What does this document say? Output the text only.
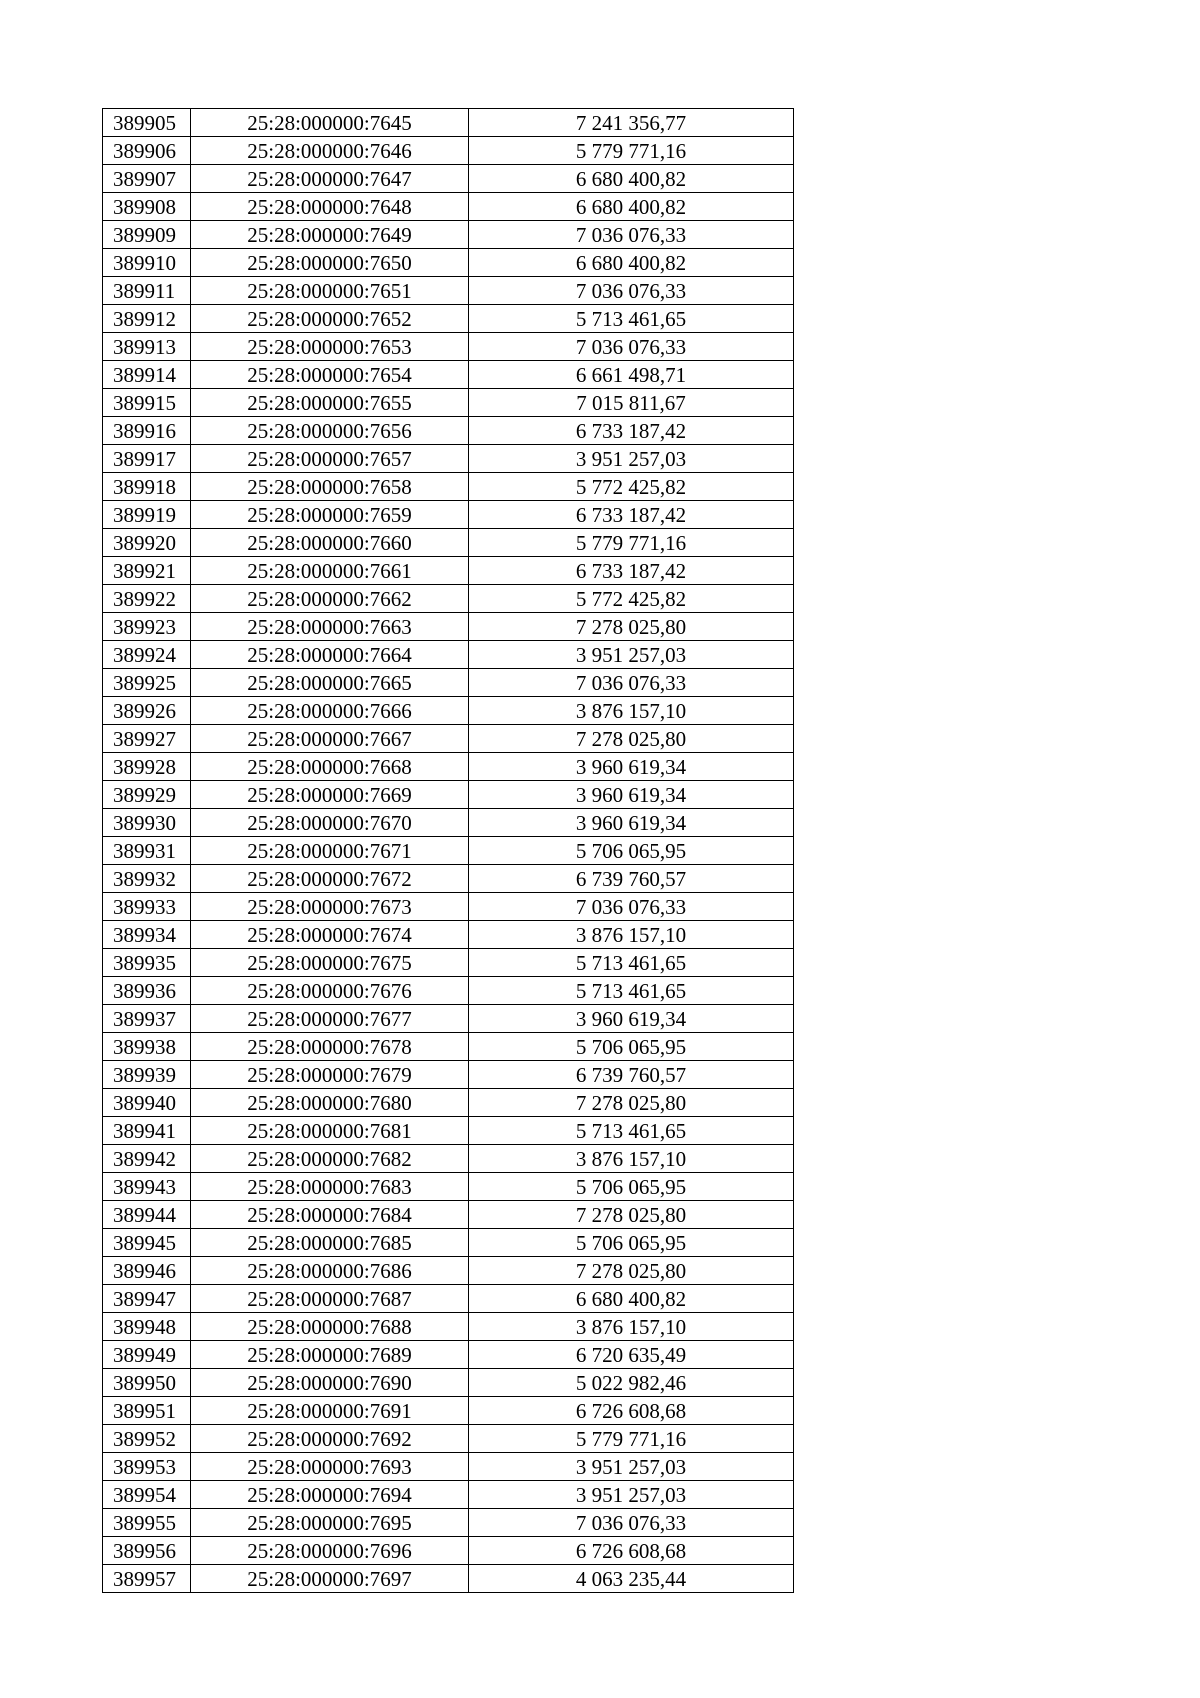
389905	25:28:000000:7645	7 241 356,77
389906	25:28:000000:7646	5 779 771,16
389907	25:28:000000:7647	6 680 400,82
389908	25:28:000000:7648	6 680 400,82
389909	25:28:000000:7649	7 036 076,33
389910	25:28:000000:7650	6 680 400,82
389911	25:28:000000:7651	7 036 076,33
389912	25:28:000000:7652	5 713 461,65
389913	25:28:000000:7653	7 036 076,33
389914	25:28:000000:7654	6 661 498,71
389915	25:28:000000:7655	7 015 811,67
389916	25:28:000000:7656	6 733 187,42
389917	25:28:000000:7657	3 951 257,03
389918	25:28:000000:7658	5 772 425,82
389919	25:28:000000:7659	6 733 187,42
389920	25:28:000000:7660	5 779 771,16
389921	25:28:000000:7661	6 733 187,42
389922	25:28:000000:7662	5 772 425,82
389923	25:28:000000:7663	7 278 025,80
389924	25:28:000000:7664	3 951 257,03
389925	25:28:000000:7665	7 036 076,33
389926	25:28:000000:7666	3 876 157,10
389927	25:28:000000:7667	7 278 025,80
389928	25:28:000000:7668	3 960 619,34
389929	25:28:000000:7669	3 960 619,34
389930	25:28:000000:7670	3 960 619,34
389931	25:28:000000:7671	5 706 065,95
389932	25:28:000000:7672	6 739 760,57
389933	25:28:000000:7673	7 036 076,33
389934	25:28:000000:7674	3 876 157,10
389935	25:28:000000:7675	5 713 461,65
389936	25:28:000000:7676	5 713 461,65
389937	25:28:000000:7677	3 960 619,34
389938	25:28:000000:7678	5 706 065,95
389939	25:28:000000:7679	6 739 760,57
389940	25:28:000000:7680	7 278 025,80
389941	25:28:000000:7681	5 713 461,65
389942	25:28:000000:7682	3 876 157,10
389943	25:28:000000:7683	5 706 065,95
389944	25:28:000000:7684	7 278 025,80
389945	25:28:000000:7685	5 706 065,95
389946	25:28:000000:7686	7 278 025,80
389947	25:28:000000:7687	6 680 400,82
389948	25:28:000000:7688	3 876 157,10
389949	25:28:000000:7689	6 720 635,49
389950	25:28:000000:7690	5 022 982,46
389951	25:28:000000:7691	6 726 608,68
389952	25:28:000000:7692	5 779 771,16
389953	25:28:000000:7693	3 951 257,03
389954	25:28:000000:7694	3 951 257,03
389955	25:28:000000:7695	7 036 076,33
389956	25:28:000000:7696	6 726 608,68
389957	25:28:000000:7697	4 063 235,44
